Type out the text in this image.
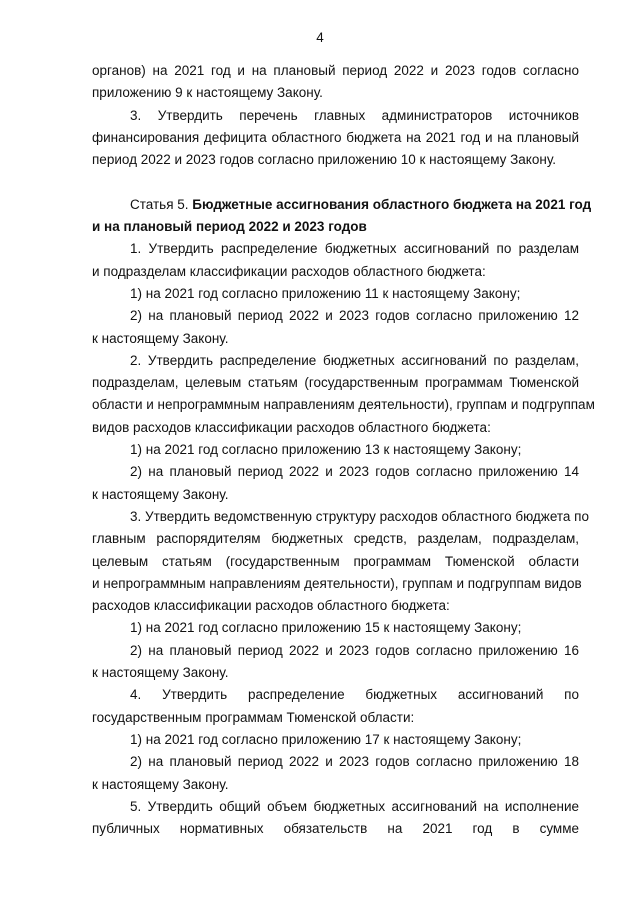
4
органов) на 2021 год и на плановый период 2022 и 2023 годов согласно
приложению 9 к настоящему Закону.
3. Утвердить перечень главных администраторов источников
финансирования дефицита областного бюджета на 2021 год и на плановый
период 2022 и 2023 годов согласно приложению 10 к настоящему Закону.
Статья 5. Бюджетные ассигнования областного бюджета на 2021 год
и на плановый период 2022 и 2023 годов
1. Утвердить распределение бюджетных ассигнований по разделам
и подразделам классификации расходов областного бюджета:
1) на 2021 год согласно приложению 11 к настоящему Закону;
2) на плановый период 2022 и 2023 годов согласно приложению 12
к настоящему Закону.
2. Утвердить распределение бюджетных ассигнований по разделам,
подразделам, целевым статьям (государственным программам Тюменской
области и непрограммным направлениям деятельности), группам и подгруппам
видов расходов классификации расходов областного бюджета:
1) на 2021 год согласно приложению 13 к настоящему Закону;
2) на плановый период 2022 и 2023 годов согласно приложению 14
к настоящему Закону.
3. Утвердить ведомственную структуру расходов областного бюджета по
главным распорядителям бюджетных средств, разделам, подразделам,
целевым статьям (государственным программам Тюменской области
и непрограммным направлениям деятельности), группам и подгруппам видов
расходов классификации расходов областного бюджета:
1) на 2021 год согласно приложению 15 к настоящему Закону;
2) на плановый период 2022 и 2023 годов согласно приложению 16
к настоящему Закону.
4. Утвердить распределение бюджетных ассигнований по
государственным программам Тюменской области:
1) на 2021 год согласно приложению 17 к настоящему Закону;
2) на плановый период 2022 и 2023 годов согласно приложению 18
к настоящему Закону.
5. Утвердить общий объем бюджетных ассигнований на исполнение
публичных нормативных обязательств на 2021 год в сумме
